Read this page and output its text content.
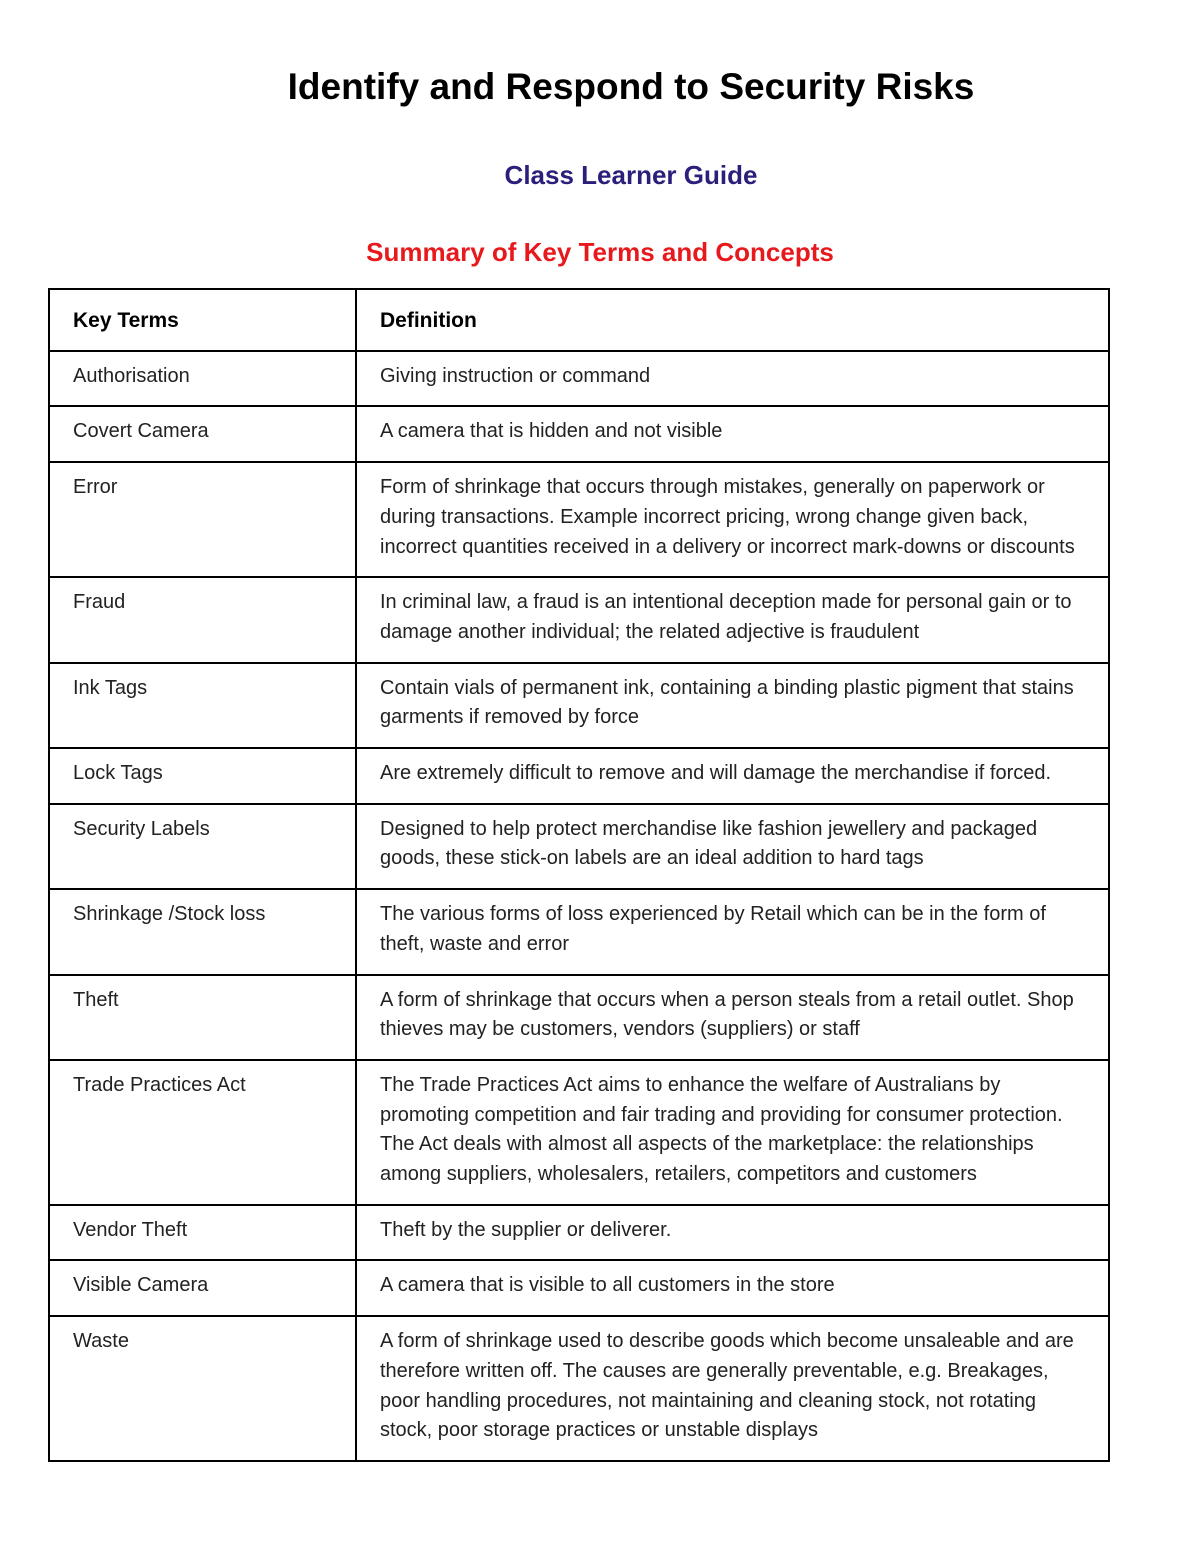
Identify and Respond to Security Risks
Class Learner Guide
Summary of Key Terms and Concepts
Key Terms	Definition
Authorisation	Giving instruction or command
Covert Camera	A camera that is hidden and not visible
Error	Form of shrinkage that occurs through mistakes, generally on paperwork or during transactions. Example incorrect pricing, wrong change given back, incorrect quantities received in a delivery or incorrect mark-downs or discounts
Fraud	In criminal law, a fraud is an intentional deception made for personal gain or to damage another individual; the related adjective is fraudulent
Ink Tags	Contain vials of permanent ink, containing a binding plastic pigment that stains garments if removed by force
Lock Tags	Are extremely difficult to remove and will damage the merchandise if forced.
Security Labels	Designed to help protect merchandise like fashion jewellery and packaged goods, these stick-on labels are an ideal addition to hard tags
Shrinkage /Stock loss	The various forms of loss experienced by Retail which can be in the form of theft, waste and error
Theft	A form of shrinkage that occurs when a person steals from a retail outlet. Shop thieves may be customers, vendors (suppliers) or staff
Trade Practices Act	The Trade Practices Act aims to enhance the welfare of Australians by promoting competition and fair trading and providing for consumer protection. The Act deals with almost all aspects of the marketplace: the relationships among suppliers, wholesalers, retailers, competitors and customers
Vendor Theft	Theft by the supplier or deliverer.
Visible Camera	A camera that is visible to all customers in the store
Waste	A form of shrinkage used to describe goods which become unsaleable and are therefore written off. The causes are generally preventable, e.g. Breakages, poor handling procedures, not maintaining and cleaning stock, not rotating stock, poor storage practices or unstable displays
